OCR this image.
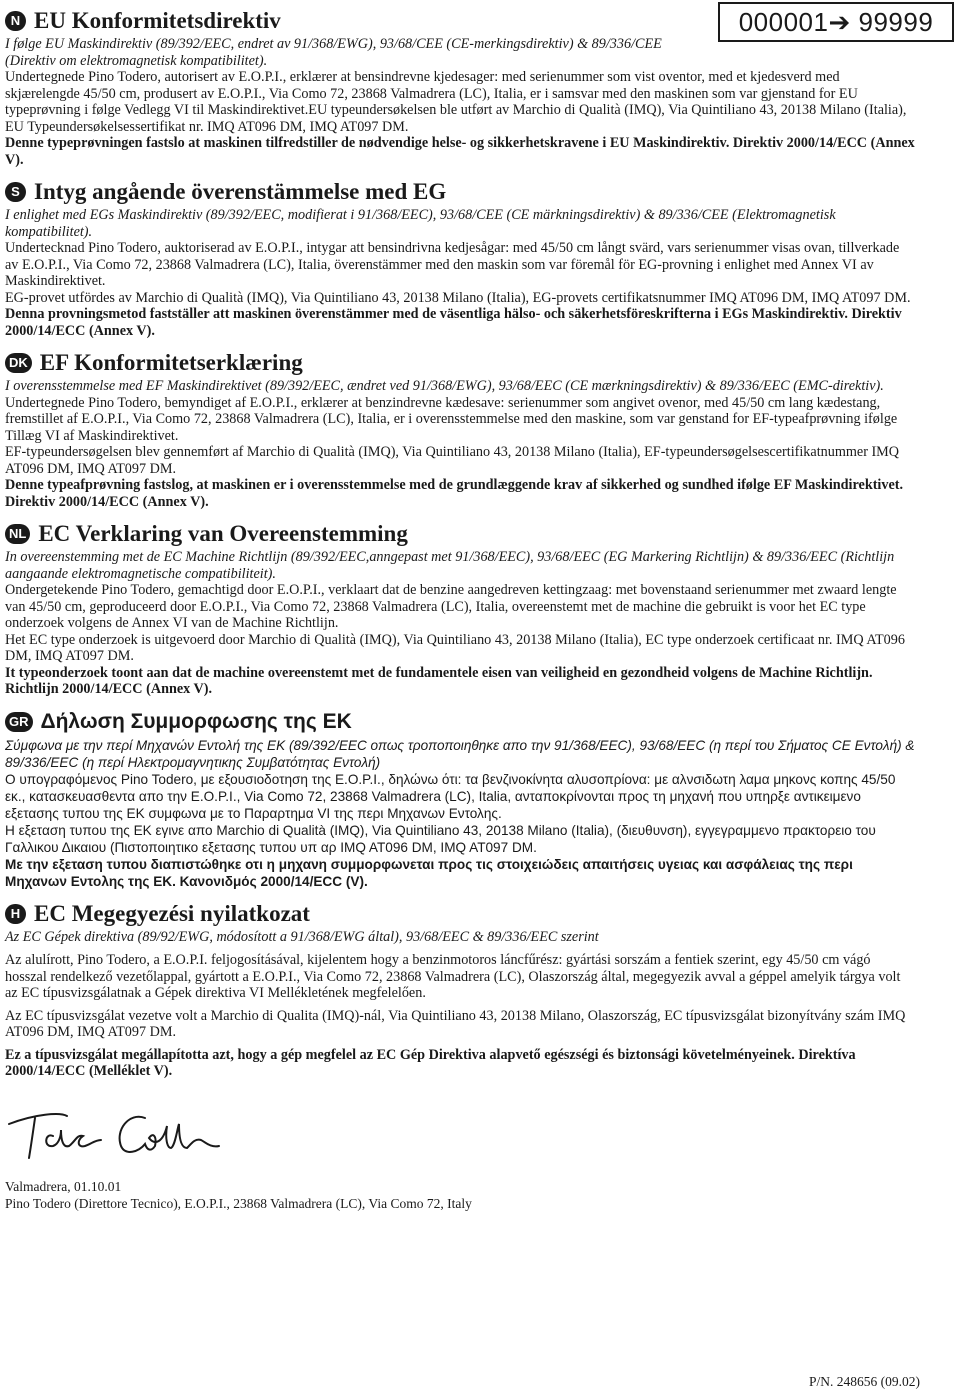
000001➔ 99999
N EU Konformitetsdirektiv

I følge EU Maskindirektiv (89/392/EEC, endret av 91/368/EWG), 93/68/CEE (CE-merkingsdirektiv) & 89/336/CEE (Direktiv om elektromagnetisk kompatibilitet).

Undertegnede Pino Todero, autorisert av E.O.P.I., erklærer at bensindrevne kjedesager: med serienummer som vist oventor, med et kjedesverd med skjærelengde 45/50 cm, produsert av E.O.P.I., Via Como 72, 23868 Valmadrera (LC), Italia, er i samsvar med den maskinen som var gjenstand for EU typeprøvning i følge Vedlegg VI til Maskindirektivet.EU typeundersøkelsen ble utført av Marchio di Qualità (IMQ), Via Quintiliano 43, 20138 Milano (Italia), EU Typeundersøkelsessertifikat nr. IMQ AT096 DM, IMQ AT097 DM.

Denne typeprøvningen fastslo at maskinen tilfredstiller de nødvendige helse- og sikkerhetskravene i EU Maskindirektiv. Direktiv 2000/14/ECC (Annex V).

S Intyg angående överenstämmelse med EG

I enlighet med EGs Maskindirektiv (89/392/EEC, modifierat i 91/368/EEC), 93/68/CEE (CE märkningsdirektiv) & 89/336/CEE (Elektromagnetisk kompatibilitet).

Undertecknad Pino Todero, auktoriserad av E.O.P.I., intygar att bensindrivna kedjesågar: med 45/50 cm långt svärd, vars serienummer visas ovan, tillverkade av E.O.P.I., Via Como 72, 23868 Valmadrera (LC), Italia, överenstämmer med den maskin som var föremål för EG-provning i enlighet med Annex VI av Maskindirektivet.

EG-provet utfördes av Marchio di Qualità (IMQ), Via Quintiliano 43, 20138 Milano (Italia), EG-provets certifikatsnummer IMQ AT096 DM, IMQ AT097 DM.

Denna provningsmetod fastställer att maskinen överenstämmer med de väsentliga hälso- och säkerhetsföreskrifterna i EGs Maskindirektiv. Direktiv 2000/14/ECC (Annex V).

DK EF Konformitetserklæring

I overensstemmelse med EF Maskindirektivet (89/392/EEC, ændret ved 91/368/EWG), 93/68/EEC (CE mærkningsdirektiv) & 89/336/EEC (EMC-direktiv).

Undertegnede Pino Todero, bemyndiget af E.O.P.I., erklærer at benzindrevne kædesave: serienummer som angivet ovenor, med 45/50 cm lang kædestang, fremstillet af E.O.P.I., Via Como 72, 23868 Valmadrera (LC), Italia, er i overensstemmelse med den maskine, som var genstand for EF-typeafprøvning ifølge Tillæg VI af Maskindirektivet.

EF-typeundersøgelsen blev gennemført af Marchio di Qualità (IMQ), Via Quintiliano 43, 20138 Milano (Italia), EF-typeundersøgelsescertifikatnummer IMQ AT096 DM, IMQ AT097 DM.

Denne typeafprøvning fastslog, at maskinen er i overensstemmelse med de grundlæggende krav af sikkerhed og sundhed ifølge EF Maskindirektivet. Direktiv 2000/14/ECC (Annex V).

NL EC Verklaring van Overeenstemming

In overeenstemming met de EC Machine Richtlijn (89/392/EEC,anngepast met 91/368/EEC), 93/68/EEC (EG Markering Richtlijn) & 89/336/EEC (Richtlijn aangaande elektromagnetische compatibiliteit).

Ondergetekende Pino Todero, gemachtigd door E.O.P.I., verklaart dat de benzine aangedreven kettingzaag: met bovenstaand serienummer met zwaard lengte van 45/50 cm, geproduceerd door E.O.P.I., Via Como 72, 23868 Valmadrera (LC), Italia, overeenstemt met de machine die gebruikt is voor het EC type onderzoek volgens de Annex VI van de Machine Richtlijn.

Het EC type onderzoek is uitgevoerd door Marchio di Qualità (IMQ), Via Quintiliano 43, 20138 Milano (Italia), EC type onderzoek certificaat nr. IMQ AT096 DM, IMQ AT097 DM.

It typeonderzoek toont aan dat de machine overeenstemt met de fundamentele eisen van veiligheid en gezondheid volgens de Machine Richtlijn. Richtlijn 2000/14/ECC (Annex V).

GR Δήλωση Συμμορφωσης της ΕΚ

Σύμφωνα με την περί Μηχανών Εντολή της ΕΚ (89/392/EEC οπως τροποποιηθηκε απο την 91/368/EEC), 93/68/EEC (η περί του Σήματος CE Εντολή) & 89/336/EEC (η περί Ηλεκτρομαγνητικης Συμβατότητας Εντολή)

Ο υπογραφόμενος Pino Todero, με εξουσιοδοτηση της E.O.P.I., δηλώνω ότι: τα βενζινοκίνητα αλυσοπρίονα: με αλνσιδωτη λαμα μηκονς κοπης 45/50 εκ., κατασκευασθεντα απο την E.O.P.I., Via Como 72, 23868 Valmadrera (LC), Italia, ανταποκρίνονται προς τη μηχανή που υπηρξε αντικειμενο εξετασης τυπου της ΕΚ συμφωνα με το Παραρτημα VI της περι Μηχανων Εντολης.

Η εξεταση τυπου της ΕΚ εγινε απο Marchio di Qualità (IMQ), Via Quintiliano 43, 20138 Milano (Italia), (διευθυνση), εγγεγραμμενο πρακτορειο του Γαλλικου Δικαιου (Πιστοποιητικο εξετασης τυπου υπ αρ IMQ AT096 DM, IMQ AT097 DM.

Με την εξεταση τυπου διαπιστώθηκε οτι η μηχανη συμμορφωνεται προς τις στοιχειώδεις απαιτήσεις υγειας και ασφάλειας της περι Μηχανων Εντολης της ΕΚ. Κανονιδμός 2000/14/ECC (V).

H EC Megegyezési nyilatkozat

Az EC Gépek direktiva (89/92/EWG, módosított a 91/368/EWG által), 93/68/EEC & 89/336/EEC szerint

Az alulírott, Pino Todero, a E.O.P.I. feljogosításával, kijelentem hogy a benzinmotoros láncfűrész: gyártási sorszám a fentiek szerint, egy 45/50 cm vágó hosszal rendelkező vezetőlappal, gyártott a E.O.P.I., Via Como 72, 23868 Valmadrera (LC), Olaszország által, megegyezik avval a géppel amelyik tárgya volt az EC típusvizsgálatnak a Gépek direktiva VI Mellékletének megfelelően.

Az EC típusvizsgálat vezetve volt a Marchio di Qualita (IMQ)-nál, Via Quintiliano 43, 20138 Milano, Olaszország, EC típusvizsgálat bizonyítvány szám IMQ AT096 DM, IMQ AT097 DM.

Ez a típusvizsgálat megállapította azt, hogy a gép megfelel az EC Gép Direktiva alapvető egészségi és biztonsági követelményeinek. Direktíva 2000/14/ECC (Melléklet V).

Valmadrera, 01.10.01
Pino Todero (Direttore Tecnico), E.O.P.I., 23868 Valmadrera (LC), Via Como 72, Italy
P/N. 248656 (09.02)
